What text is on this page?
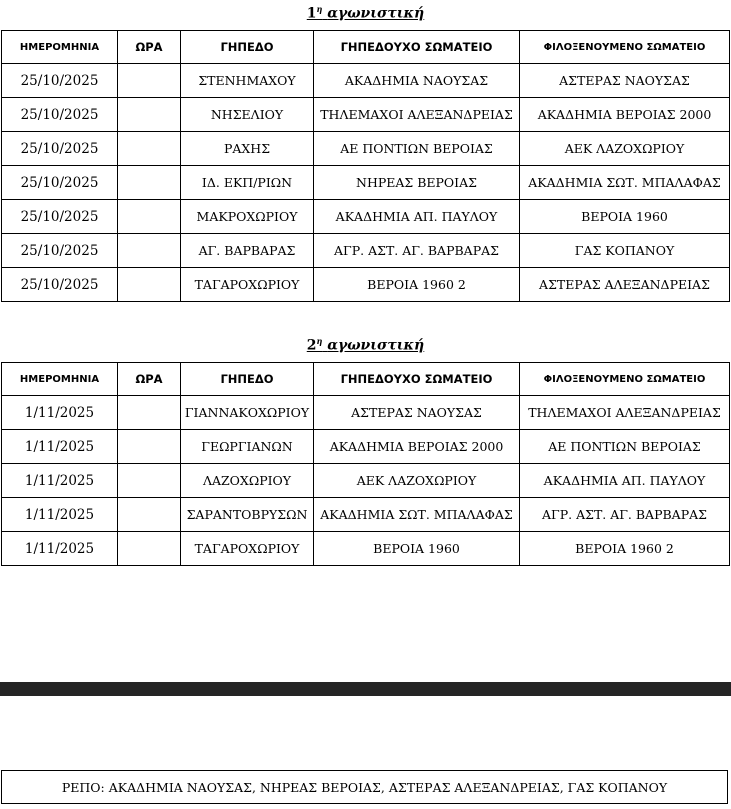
$1^\eta$ αγωνιστική
ΗΜΕΡΟΜΗΝΙΑ	ΩΡΑ	ΓΗΠΕΔΟ	ΓΗΠΕΔΟΥΧΟ ΣΩΜΑΤΕΙΟ	ΦΙΛΟΞΕΝΟΥΜΕΝΟ ΣΩΜΑΤΕΙΟ
25/10/2025		ΣΤΕΝΗΜΑΧΟΥ	ΑΚΑΔΗΜΙΑ ΝΑΟΥΣΑΣ	ΑΣΤΕΡΑΣ ΝΑΟΥΣΑΣ
25/10/2025		ΝΗΣΕΛΙΟΥ	ΤΗΛΕΜΑΧΟΙ ΑΛΕΞΑΝΔΡΕΙΑΣ	ΑΚΑΔΗΜΙΑ ΒΕΡΟΙΑΣ 2000
25/10/2025		ΡΑΧΗΣ	ΑΕ ΠΟΝΤΙΩΝ ΒΕΡΟΙΑΣ	ΑΕΚ ΛΑΖΟΧΩΡΙΟΥ
25/10/2025		ΙΔ. ΕΚΠ/ΡΙΩΝ	ΝΗΡΕΑΣ ΒΕΡΟΙΑΣ	ΑΚΑΔΗΜΙΑ ΣΩΤ. ΜΠΑΛΑΦΑΣ
25/10/2025		ΜΑΚΡΟΧΩΡΙΟΥ	ΑΚΑΔΗΜΙΑ ΑΠ. ΠΑΥΛΟΥ	ΒΕΡΟΙΑ 1960
25/10/2025		ΑΓ. ΒΑΡΒΑΡΑΣ	ΑΓΡ. ΑΣΤ. ΑΓ. ΒΑΡΒΑΡΑΣ	ΓΑΣ ΚΟΠΑΝΟΥ
25/10/2025		ΤΑΓΑΡΟΧΩΡΙΟΥ	ΒΕΡΟΙΑ 1960 2	ΑΣΤΕΡΑΣ ΑΛΕΞΑΝΔΡΕΙΑΣ
$2^\eta$ αγωνιστική
ΗΜΕΡΟΜΗΝΙΑ	ΩΡΑ	ΓΗΠΕΔΟ	ΓΗΠΕΔΟΥΧΟ ΣΩΜΑΤΕΙΟ	ΦΙΛΟΞΕΝΟΥΜΕΝΟ ΣΩΜΑΤΕΙΟ
1/11/2025		ΓΙΑΝΝΑΚΟΧΩΡΙΟΥ	ΑΣΤΕΡΑΣ ΝΑΟΥΣΑΣ	ΤΗΛΕΜΑΧΟΙ ΑΛΕΞΑΝΔΡΕΙΑΣ
1/11/2025		ΓΕΩΡΓΙΑΝΩΝ	ΑΚΑΔΗΜΙΑ ΒΕΡΟΙΑΣ 2000	ΑΕ ΠΟΝΤΙΩΝ ΒΕΡΟΙΑΣ
1/11/2025		ΛΑΖΟΧΩΡΙΟΥ	ΑΕΚ ΛΑΖΟΧΩΡΙΟΥ	ΑΚΑΔΗΜΙΑ ΑΠ. ΠΑΥΛΟΥ
1/11/2025		ΣΑΡΑΝΤΟΒΡΥΣΩΝ	ΑΚΑΔΗΜΙΑ ΣΩΤ. ΜΠΑΛΑΦΑΣ	ΑΓΡ. ΑΣΤ. ΑΓ. ΒΑΡΒΑΡΑΣ
1/11/2025		ΤΑΓΑΡΟΧΩΡΙΟΥ	ΒΕΡΟΙΑ 1960	ΒΕΡΟΙΑ 1960 2
ΡΕΠΟ: ΑΚΑΔΗΜΙΑ ΝΑΟΥΣΑΣ, ΝΗΡΕΑΣ ΒΕΡΟΙΑΣ, ΑΣΤΕΡΑΣ ΑΛΕΞΑΝΔΡΕΙΑΣ, ΓΑΣ ΚΟΠΑΝΟΥ
